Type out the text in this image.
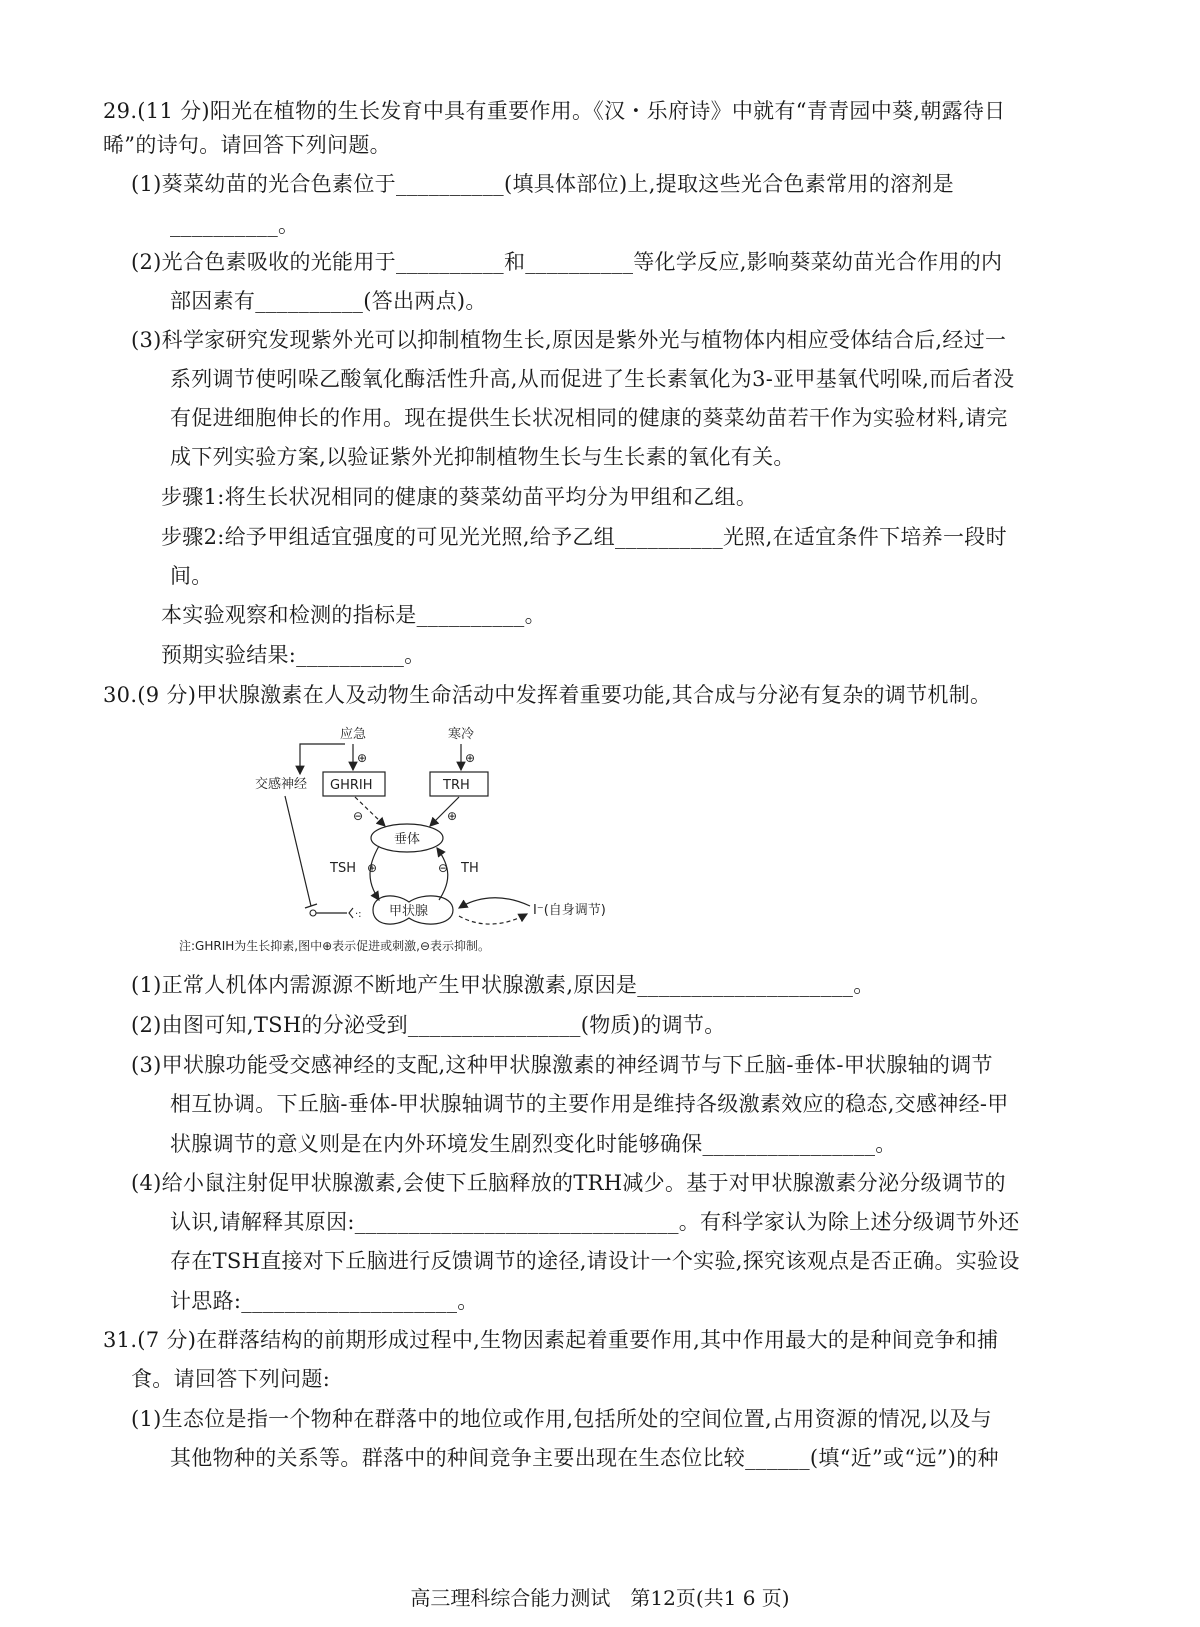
29.(11 分)阳光在植物的生长发育中具有重要作用。《汉・乐府诗》中就有“青青园中葵,朝露待日
晞”的诗句。请回答下列问题。
(1)葵菜幼苗的光合色素位于__________(填具体部位)上,提取这些光合色素常用的溶剂是
__________。
(2)光合色素吸收的光能用于__________和__________等化学反应,影响葵菜幼苗光合作用的内
部因素有__________(答出两点)。
(3)科学家研究发现紫外光可以抑制植物生长,原因是紫外光与植物体内相应受体结合后,经过一
系列调节使吲哚乙酸氧化酶活性升高,从而促进了生长素氧化为3-亚甲基氧代吲哚,而后者没
有促进细胞伸长的作用。现在提供生长状况相同的健康的葵菜幼苗若干作为实验材料,请完
成下列实验方案,以验证紫外光抑制植物生长与生长素的氧化有关。
步骤1:将生长状况相同的健康的葵菜幼苗平均分为甲组和乙组。
步骤2:给予甲组适宜强度的可见光光照,给予乙组__________光照,在适宜条件下培养一段时
间。
本实验观察和检测的指标是__________。
预期实验结果:__________。
30.(9 分)甲状腺激素在人及动物生命活动中发挥着重要功能,其合成与分泌有复杂的调节机制。
应急	寒冷
交感神经
⊕	⊕
GHRIH	TRH
⊖	⊕
垂体
TSH ⊕	TH
⊖
甲状腺
·:	I⁻(自身调节)
注:GHRIH为生长抑素,图中⊕表示促进或刺激,⊖表示抑制。
(1)正常人机体内需源源不断地产生甲状腺激素,原因是____________________。
(2)由图可知,TSH的分泌受到________________(物质)的调节。
(3)甲状腺功能受交感神经的支配,这种甲状腺激素的神经调节与下丘脑-垂体-甲状腺轴的调节
相互协调。下丘脑-垂体-甲状腺轴调节的主要作用是维持各级激素效应的稳态,交感神经-甲
状腺调节的意义则是在内外环境发生剧烈变化时能够确保________________。
(4)给小鼠注射促甲状腺激素,会使下丘脑释放的TRH减少。基于对甲状腺激素分泌分级调节的
认识,请解释其原因:______________________________。有科学家认为除上述分级调节外还
存在TSH直接对下丘脑进行反馈调节的途径,请设计一个实验,探究该观点是否正确。实验设
计思路:____________________。
31.(7 分)在群落结构的前期形成过程中,生物因素起着重要作用,其中作用最大的是种间竞争和捕
食。请回答下列问题:
(1)生态位是指一个物种在群落中的地位或作用,包括所处的空间位置,占用资源的情况,以及与
其他物种的关系等。群落中的种间竞争主要出现在生态位比较______(填“近”或“远”)的种
高三理科综合能力测试　第12页(共1 6 页)
